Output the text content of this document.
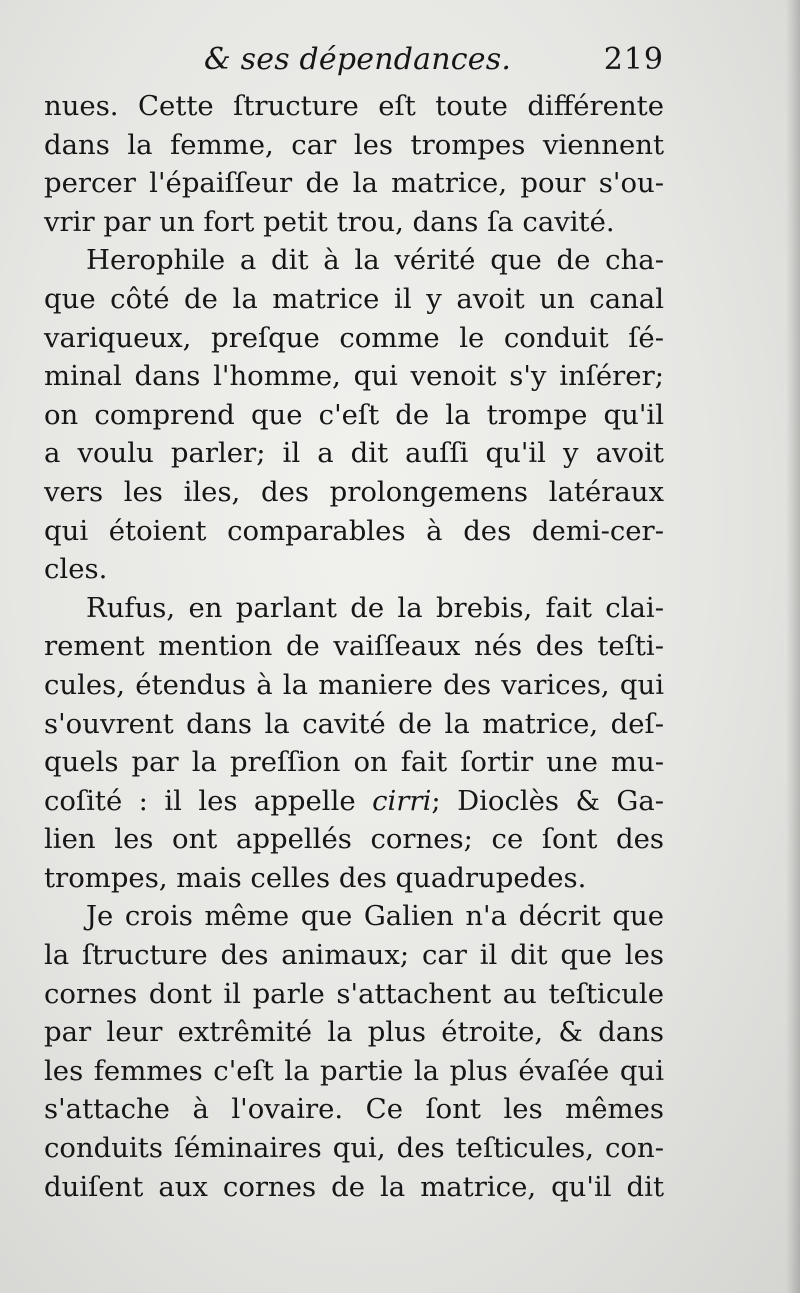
& ses dépendances.	219
nues. Cette ſtructure eſt toute différente
dans la femme, car les trompes viennent
percer l'épaiſſeur de la matrice, pour s'ou-
vrir par un fort petit trou, dans ſa cavité.
Herophile a dit à la vérité que de cha-
que côté de la matrice il y avoit un canal
variqueux, preſque comme le conduit ſé-
minal dans l'homme, qui venoit s'y inſérer;
on comprend que c'eſt de la trompe qu'il
a voulu parler; il a dit auſſi qu'il y avoit
vers les iles, des prolongemens latéraux
qui étoient comparables à des demi-cer-
cles.
Rufus, en parlant de la brebis, fait clai-
rement mention de vaiſſeaux nés des teſti-
cules, étendus à la maniere des varices, qui
s'ouvrent dans la cavité de la matrice, deſ-
quels par la preſſion on fait ſortir une mu-
coſité : il les appelle cirri; Dioclès & Ga-
lien les ont appellés cornes; ce ſont des
trompes, mais celles des quadrupedes.
Je crois même que Galien n'a décrit que
la ſtructure des animaux; car il dit que les
cornes dont il parle s'attachent au teſticule
par leur extrêmité la plus étroite, & dans
les femmes c'eſt la partie la plus évaſée qui
s'attache à l'ovaire. Ce ſont les mêmes
conduits ſéminaires qui, des teſticules, con-
duiſent aux cornes de la matrice, qu'il dit
